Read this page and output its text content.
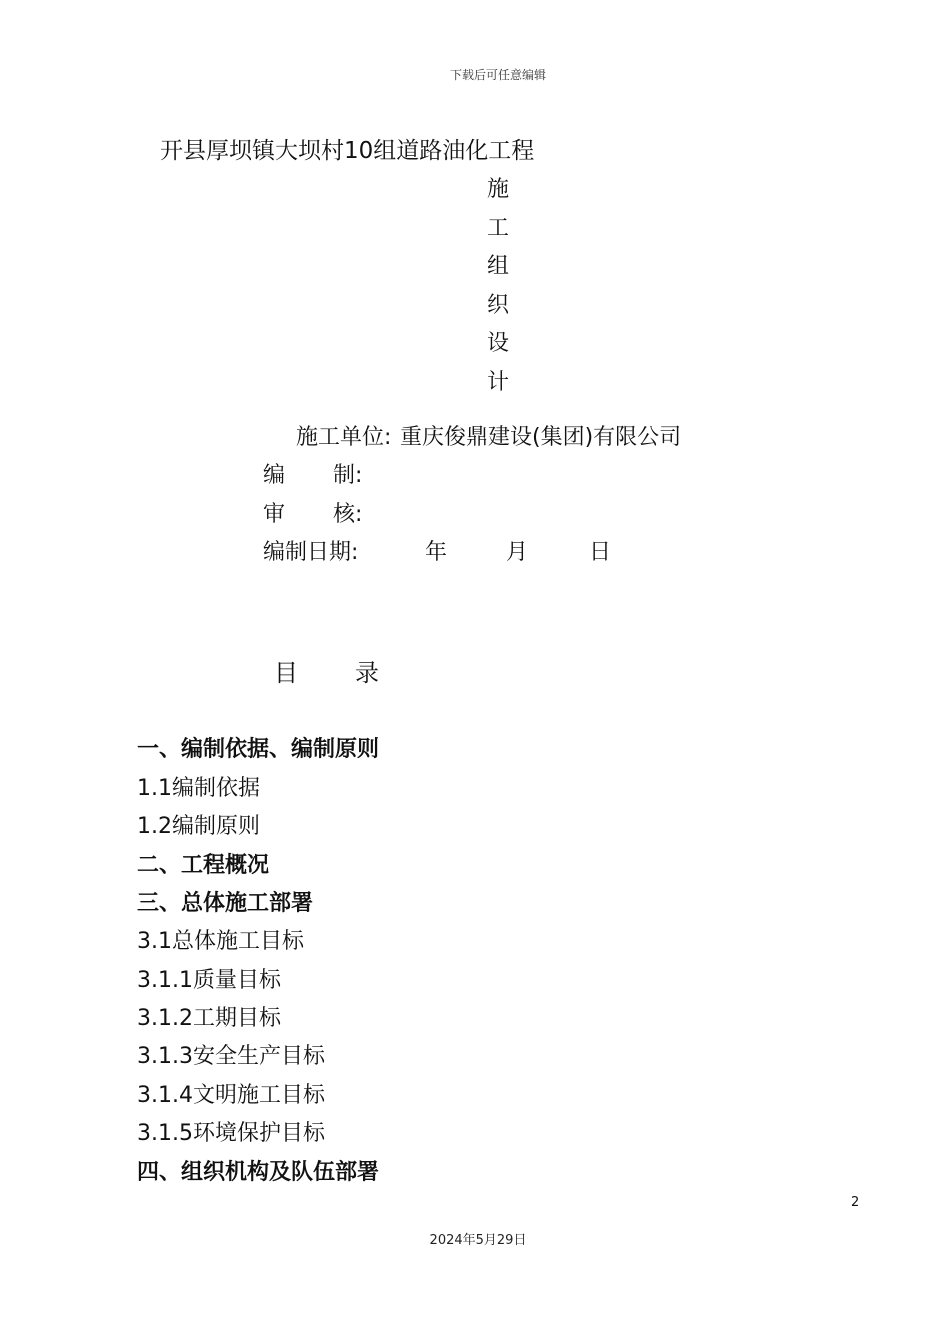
下载后可任意编辑
开县厚坝镇大坝村10组道路油化工程
施
工
组
织
设
计
施工单位: 重庆俊鼎建设(集团)有限公司
编 制:
审 核:
编制日期:	年	月	日
目 录
一、编制依据、编制原则
1.1编制依据
1.2编制原则
二、工程概况
三、总体施工部署
3.1总体施工目标
3.1.1质量目标
3.1.2工期目标
3.1.3安全生产目标
3.1.4文明施工目标
3.1.5环境保护目标
四、组织机构及队伍部署
2
2024年5月29日
